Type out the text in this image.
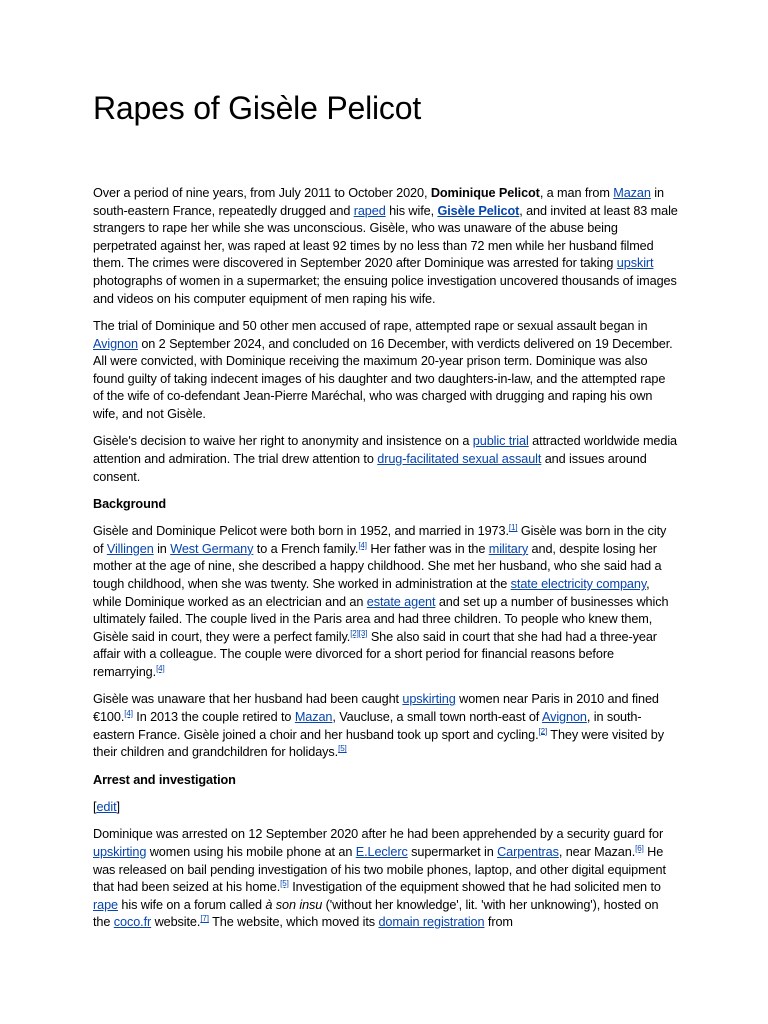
Rapes of Gisèle Pelicot

Over a period of nine years, from July 2011 to October 2020, Dominique Pelicot, a man from Mazan in south-eastern France, repeatedly drugged and raped his wife, Gisèle Pelicot, and invited at least 83 male strangers to rape her while she was unconscious. Gisèle, who was unaware of the abuse being perpetrated against her, was raped at least 92 times by no less than 72 men while her husband filmed them. The crimes were discovered in September 2020 after Dominique was arrested for taking upskirt photographs of women in a supermarket; the ensuing police investigation uncovered thousands of images and videos on his computer equipment of men raping his wife.

The trial of Dominique and 50 other men accused of rape, attempted rape or sexual assault began in Avignon on 2 September 2024, and concluded on 16 December, with verdicts delivered on 19 December. All were convicted, with Dominique receiving the maximum 20-year prison term. Dominique was also found guilty of taking indecent images of his daughter and two daughters-in-law, and the attempted rape of the wife of co-defendant Jean-Pierre Maréchal, who was charged with drugging and raping his own wife, and not Gisèle.

Gisèle's decision to waive her right to anonymity and insistence on a public trial attracted worldwide media attention and admiration. The trial drew attention to drug-facilitated sexual assault and issues around consent.

Background

Gisèle and Dominique Pelicot were both born in 1952, and married in 1973.[1] Gisèle was born in the city of Villingen in West Germany to a French family.[4] Her father was in the military and, despite losing her mother at the age of nine, she described a happy childhood. She met her husband, who she said had a tough childhood, when she was twenty. She worked in administration at the state electricity company, while Dominique worked as an electrician and an estate agent and set up a number of businesses which ultimately failed. The couple lived in the Paris area and had three children. To people who knew them, Gisèle said in court, they were a perfect family.[2][3] She also said in court that she had had a three-year affair with a colleague. The couple were divorced for a short period for financial reasons before remarrying.[4]

Gisèle was unaware that her husband had been caught upskirting women near Paris in 2010 and fined €100.[4] In 2013 the couple retired to Mazan, Vaucluse, a small town north-east of Avignon, in south-eastern France. Gisèle joined a choir and her husband took up sport and cycling.[2] They were visited by their children and grandchildren for holidays.[5]

Arrest and investigation

[edit]

Dominique was arrested on 12 September 2020 after he had been apprehended by a security guard for upskirting women using his mobile phone at an E.Leclerc supermarket in Carpentras, near Mazan.[6] He was released on bail pending investigation of his two mobile phones, laptop, and other digital equipment that had been seized at his home.[5] Investigation of the equipment showed that he had solicited men to rape his wife on a forum called à son insu ('without her knowledge', lit. 'with her unknowing'), hosted on the coco.fr website.[7] The website, which moved its domain registration from
